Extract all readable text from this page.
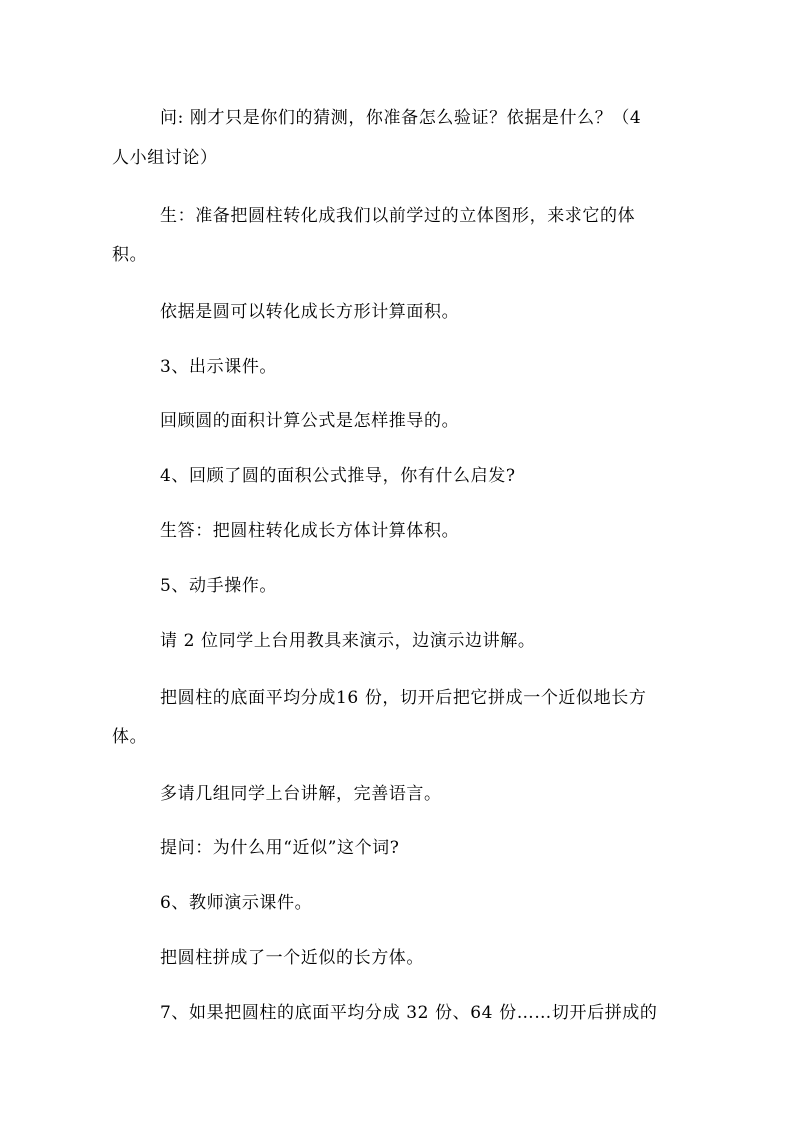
问: 刚才只是你们的猜测，你准备怎么验证？依据是什么？（4
人小组讨论）
生：准备把圆柱转化成我们以前学过的立体图形，来求它的体
积。
依据是圆可以转化成长方形计算面积。
3、出示课件。
回顾圆的面积计算公式是怎样推导的。
4、回顾了圆的面积公式推导，你有什么启发?
生答：把圆柱转化成长方体计算体积。
5、动手操作。
请 2 位同学上台用教具来演示，边演示边讲解。
把圆柱的底面平均分成16 份，切开后把它拼成一个近似地长方
体。
多请几组同学上台讲解，完善语言。
提问：为什么用“近似”这个词?
6、教师演示课件。
把圆柱拼成了一个近似的长方体。
7、如果把圆柱的底面平均分成 32 份、64 份……切开后拼成的
